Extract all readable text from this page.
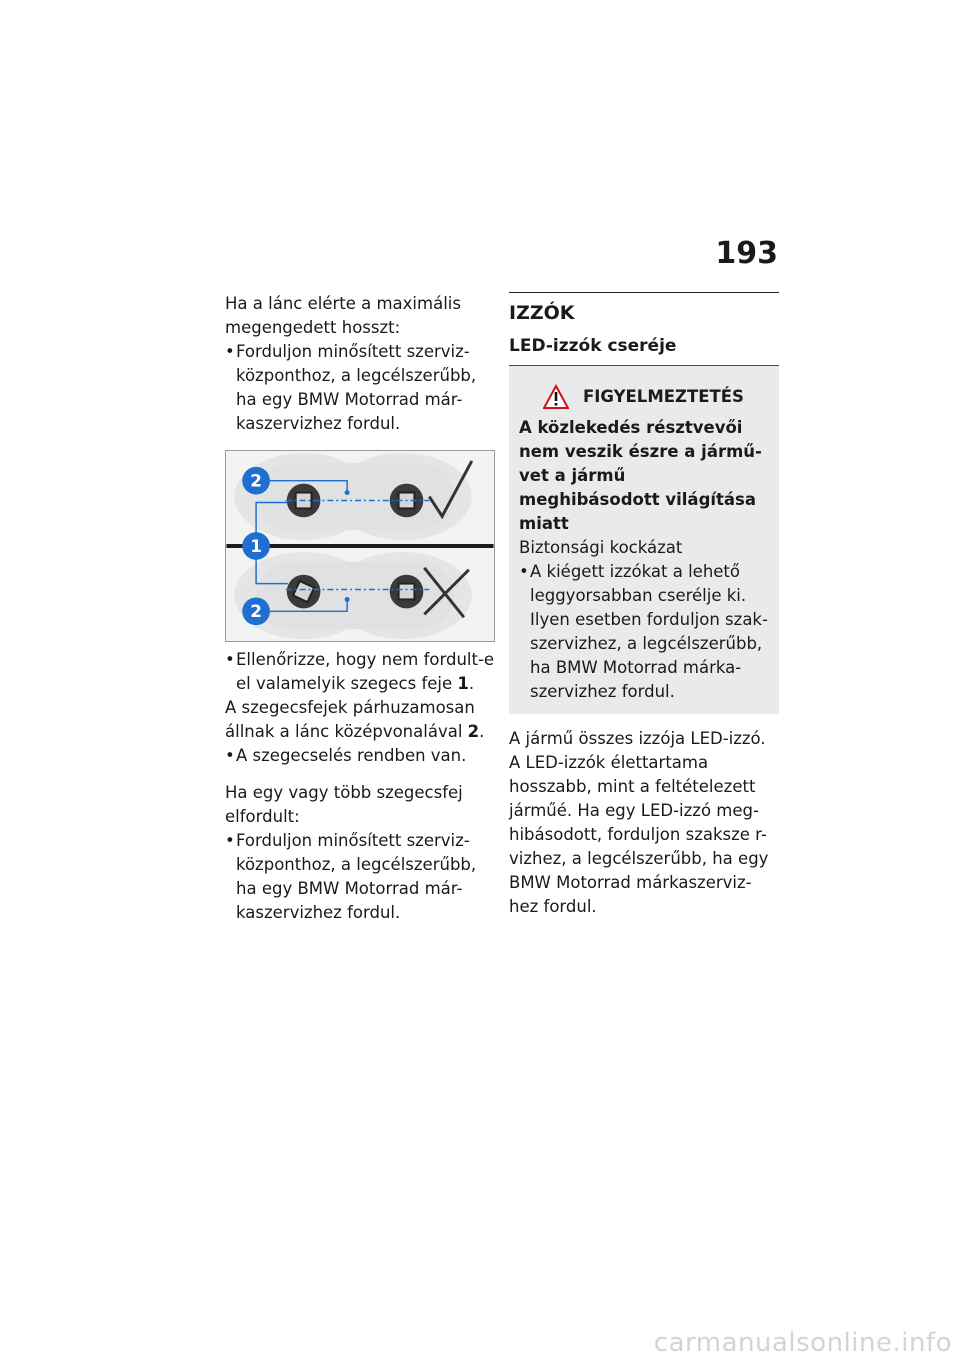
193

Ha a lánc elérte a maximális megengedett hosszt:

• Forduljon minősített szerviz-központhoz, a legcélszerűbb, ha egy BMW Motorrad már-kaszervizhez fordul.

2
1
2

• Ellenőrizze, hogy nem fordult-e el valamelyik szegecs feje 1.

A szegecsfejek párhuzamosan állnak a lánc középvonalával 2.

• A szegecselés rendben van.

Ha egy vagy több szegecsfej elfordult:

• Forduljon minősített szerviz-központhoz, a legcélszerűbb, ha egy BMW Motorrad már-kaszervizhez fordul.

IZZÓK
LED-izzók cseréje
FIGYELMEZTETÉS

A közlekedés résztvevői nem veszik észre a jármű-vet a jármű meghibásodott világítása miatt

Biztonsági kockázat

• A kiégett izzókat a lehető leggyorsabban cserélje ki. Ilyen esetben forduljon szak-szervizhez, a legcélszerűbb, ha BMW Motorrad márka-szervizhez fordul.

A jármű összes izzója LED-izzó. A LED-izzók élettartama hosszabb, mint a feltételezett járműé. Ha egy LED-izzó meg-hibásodott, forduljon szaksze r-vizhez, a legcélszerűbb, ha egy BMW Motorrad márkaszerviz-hez fordul.

carmanualsonline.info
